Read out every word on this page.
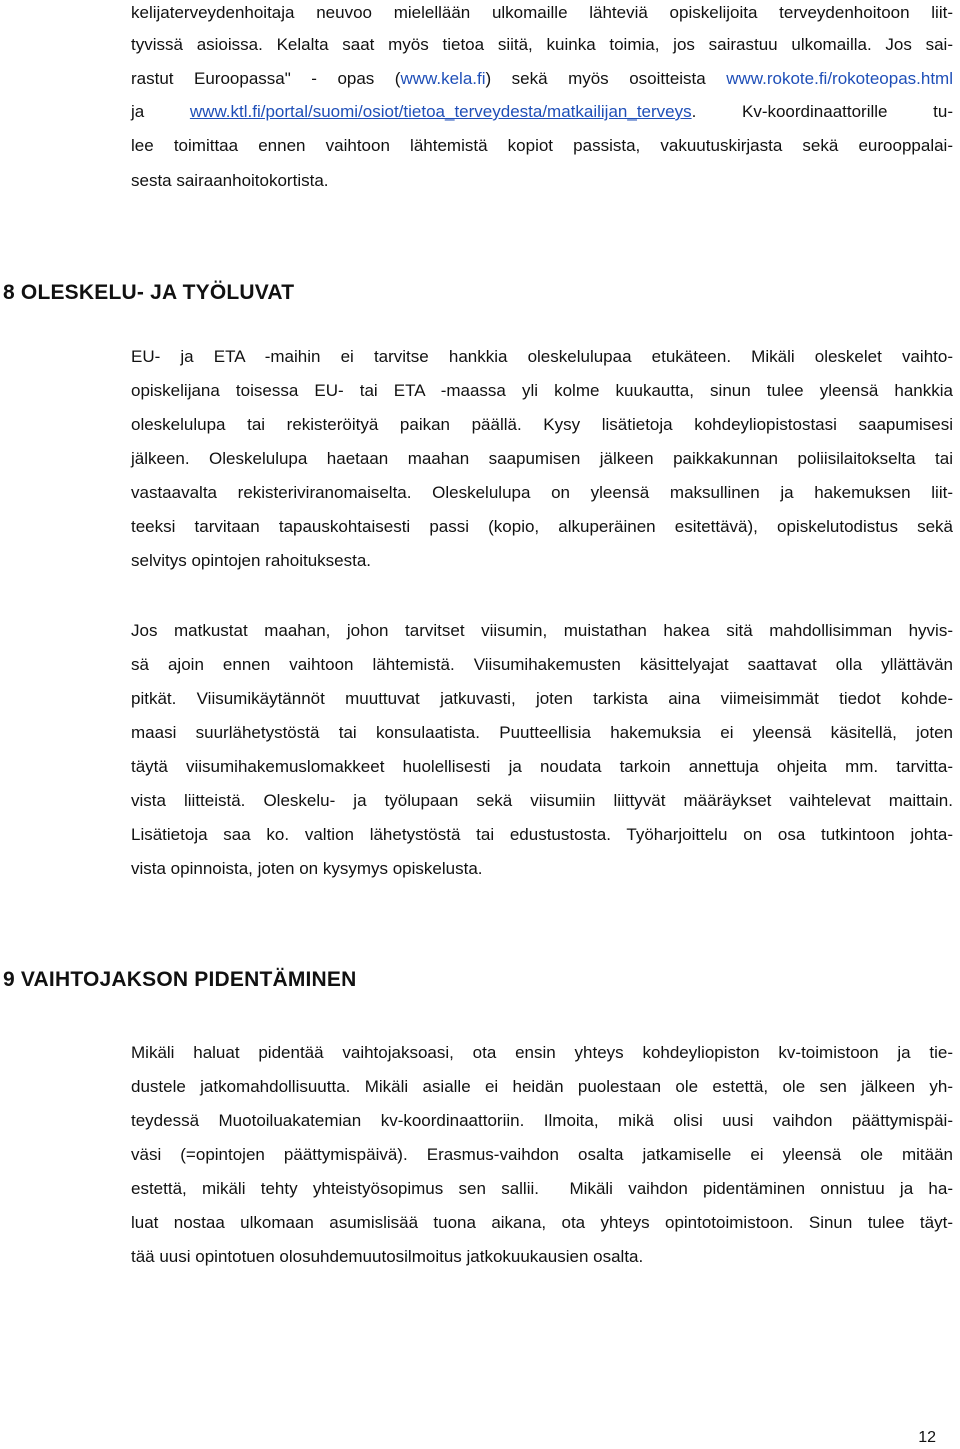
kelijaterveydenhoitaja neuvoo mielellään ulkomaille lähteviä opiskelijoita terveydenhoitoon liit-
tyvissä asioissa. Kelalta saat myös tietoa siitä, kuinka toimia, jos sairastuu ulkomailla. Jos sai-
rastut Euroopassa" - opas (www.kela.fi) sekä myös osoitteista www.rokote.fi/rokoteopas.html
ja www.ktl.fi/portal/suomi/osiot/tietoa_terveydesta/matkailijan_terveys. Kv-koordinaattorille tu-
lee toimittaa ennen vaihtoon lähtemistä kopiot passista, vakuutuskirjasta sekä eurooppalai-
sesta sairaanhoitokortista.
8 OLESKELU- JA TYÖLUVAT
EU- ja ETA -maihin ei tarvitse hankkia oleskelulupaa etukäteen. Mikäli oleskelet vaihto-
opiskelijana toisessa EU- tai ETA -maassa yli kolme kuukautta, sinun tulee yleensä hankkia
oleskelulupa tai rekisteröityä paikan päällä. Kysy lisätietoja kohdeyliopistostasi saapumisesi
jälkeen. Oleskelulupa haetaan maahan saapumisen jälkeen paikkakunnan poliisilaitokselta tai
vastaavalta rekisteriviranomaiselta. Oleskelulupa on yleensä maksullinen ja hakemuksen liit-
teeksi tarvitaan tapauskohtaisesti passi (kopio, alkuperäinen esitettävä), opiskelutodistus sekä
selvitys opintojen rahoituksesta.
Jos matkustat maahan, johon tarvitset viisumin, muistathan hakea sitä mahdollisimman hyvis-
sä ajoin ennen vaihtoon lähtemistä. Viisumihakemusten käsittelyajat saattavat olla yllättävän
pitkät. Viisumikäytännöt muuttuvat jatkuvasti, joten tarkista aina viimeisimmät tiedot kohde-
maasi suurlähetystöstä tai konsulaatista. Puutteellisia hakemuksia ei yleensä käsitellä, joten
täytä viisumihakemuslomakkeet huolellisesti ja noudata tarkoin annettuja ohjeita mm. tarvitta-
vista liitteistä. Oleskelu- ja työlupaan sekä viisumiin liittyvät määräykset vaihtelevat maittain.
Lisätietoja saa ko. valtion lähetystöstä tai edustustosta. Työharjoittelu on osa tutkintoon johta-
vista opinnoista, joten on kysymys opiskelusta.
9 VAIHTOJAKSON PIDENTÄMINEN
Mikäli haluat pidentää vaihtojaksoasi, ota ensin yhteys kohdeyliopiston kv-toimistoon ja tie-
dustele jatkomahdollisuutta. Mikäli asialle ei heidän puolestaan ole estettä, ole sen jälkeen yh-
teydessä Muotoiluakatemian kv-koordinaattoriin. Ilmoita, mikä olisi uusi vaihdon päättymispäi-
väsi (=opintojen päättymispäivä). Erasmus-vaihdon osalta jatkamiselle ei yleensä ole mitään
estettä, mikäli tehty yhteistyösopimus sen sallii.  Mikäli vaihdon pidentäminen onnistuu ja ha-
luat nostaa ulkomaan asumislisää tuona aikana, ota yhteys opintotoimistoon. Sinun tulee täyt-
tää uusi opintotuen olosuhdemuutosilmoitus jatkokuukausien osalta.
12
